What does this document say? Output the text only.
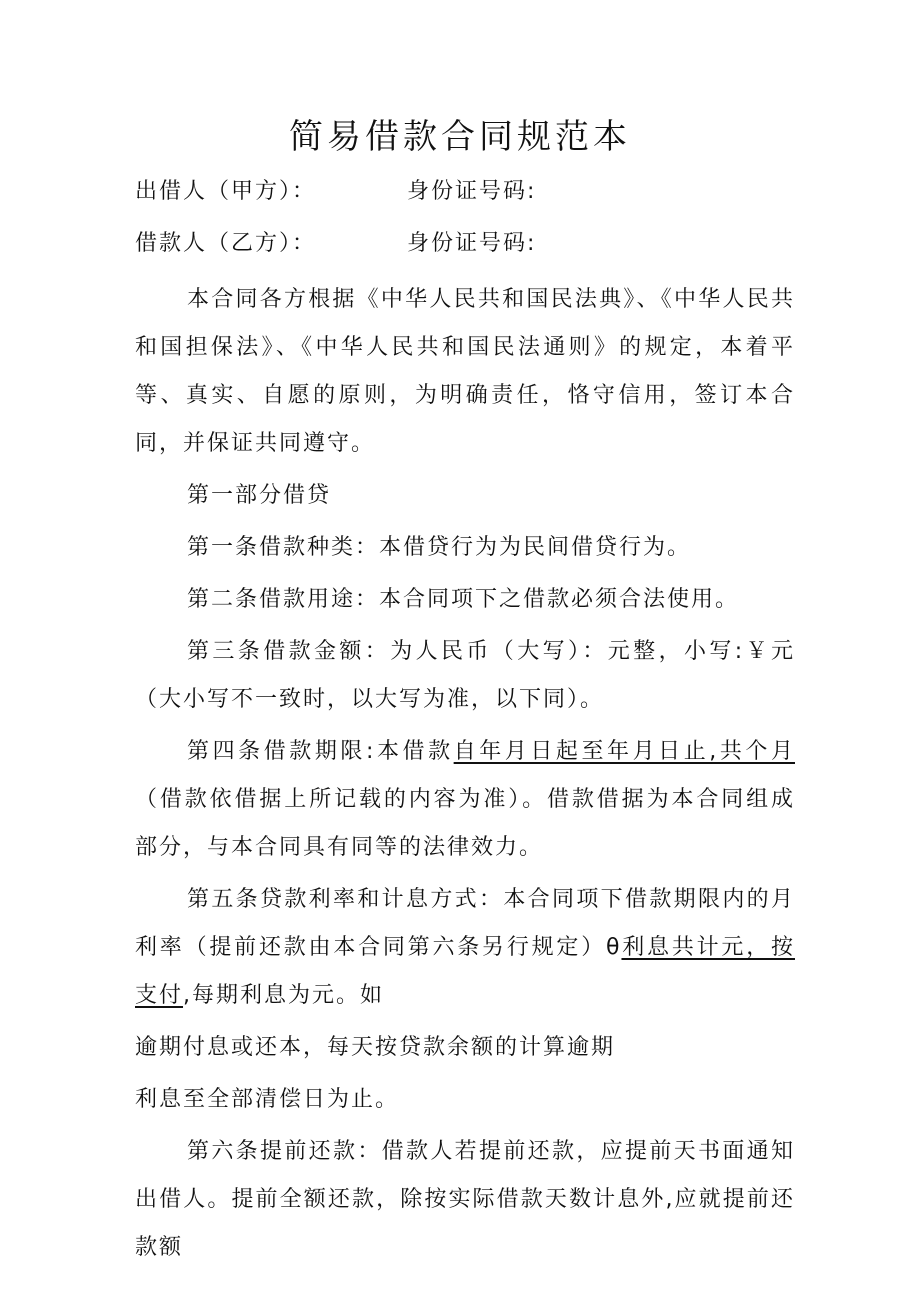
简易借款合同规范本
出借人（甲方）：	身份证号码:
借款人（乙方）：	身份证号码:

本合同各方根据《中华人民共和国民法典》、《中华人民共和国担保法》、《中华人民共和国民法通则》的规定，本着平等、真实、自愿的原则，为明确责任，恪守信用，签订本合同，并保证共同遵守。

第一部分借贷

第一条借款种类：本借贷行为为民间借贷行为。

第二条借款用途：本合同项下之借款必须合法使用。

第三条借款金额：为人民币（大写）：元整，小写:￥元（大小写不一致时，以大写为准，以下同）。

第四条借款期限:本借款自年月日起至年月日止,共个月（借款依借据上所记载的内容为准）。借款借据为本合同组成部分，与本合同具有同等的法律效力。

第五条贷款利率和计息方式：本合同项下借款期限内的月利率（提前还款由本合同第六条另行规定）θ利息共计元，按支付,每期利息为元。如

逾期付息或还本，每天按贷款余额的计算逾期

利息至全部清偿日为止。

第六条提前还款：借款人若提前还款，应提前天书面通知出借人。提前全额还款，除按实际借款天数计息外,应就提前还款额
